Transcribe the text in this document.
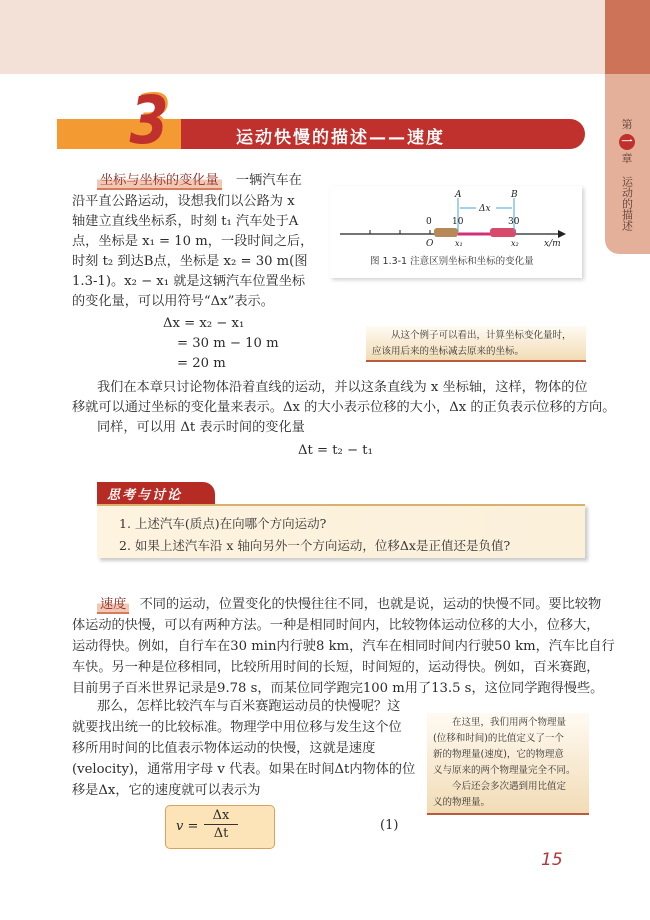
第
一
章
运动的描述
3	运动快慢的描述——速度
坐标与坐标的变化量 一辆汽车在
沿平直公路运动，设想我们以公路为 x
轴建立直线坐标系，时刻 t₁ 汽车处于A
点，坐标是 x₁ = 10 m，一段时间之后，
时刻 t₂ 到达B点，坐标是 x₂ = 30 m(图
1.3-1)。x₂ − x₁ 就是这辆汽车位置坐标
的变化量，可以用符号“Δx”表示。
Δx = x₂ − x₁
= 30 m − 10 m
= 20 m
A	B
Δx
0 10	30
O	x₁	x₂	x/m
图 1.3-1 注意区别坐标和坐标的变化量
从这个例子可以看出，计算坐标变化量时，
应该用后来的坐标减去原来的坐标。
我们在本章只讨论物体沿着直线的运动，并以这条直线为 x 坐标轴，这样，物体的位
移就可以通过坐标的变化量来表示。Δx 的大小表示位移的大小，Δx 的正负表示位移的方向。
同样，可以用 Δt 表示时间的变化量
Δt = t₂ − t₁
思考与讨论
1. 上述汽车(质点)在向哪个方向运动?
2. 如果上述汽车沿 x 轴向另外一个方向运动，位移Δx是正值还是负值?
速度 不同的运动，位置变化的快慢往往不同，也就是说，运动的快慢不同。要比较物
体运动的快慢，可以有两种方法。一种是相同时间内，比较物体运动位移的大小，位移大，
运动得快。例如，自行车在30 min内行驶8 km，汽车在相同时间内行驶50 km，汽车比自行
车快。另一种是位移相同，比较所用时间的长短，时间短的，运动得快。例如，百米赛跑，
目前男子百米世界记录是9.78 s，而某位同学跑完100 m用了13.5 s，这位同学跑得慢些。
那么，怎样比较汽车与百米赛跑运动员的快慢呢？这
就要找出统一的比较标准。物理学中用位移与发生这个位
移所用时间的比值表示物体运动的快慢，这就是速度
(velocity)，通常用字母 v 代表。如果在时间Δt内物体的位
移是Δx，它的速度就可以表示为
v =
Δx
Δt
(1)
在这里，我们用两个物理量
(位移和时间)的比值定义了一个
新的物理量(速度)，它的物理意
义与原来的两个物理量完全不同。
今后还会多次遇到用比值定
义的物理量。
15
